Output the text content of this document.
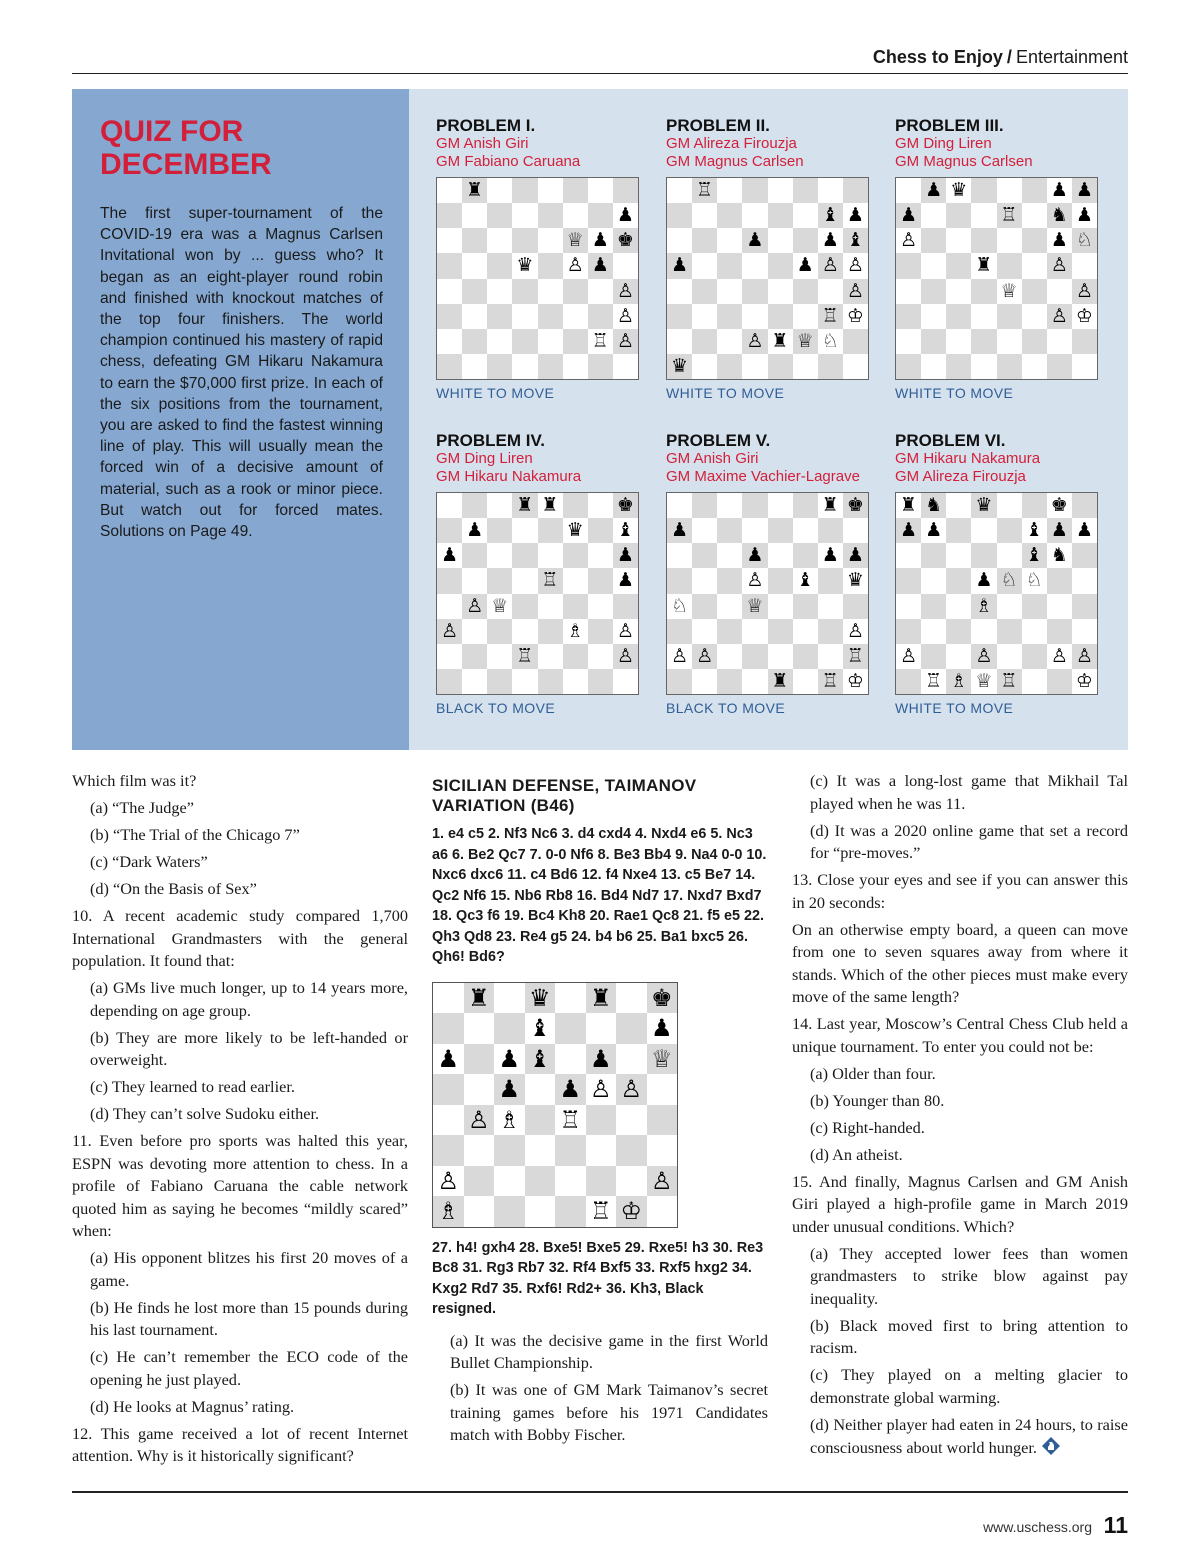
Chess to Enjoy / Entertainment
QUIZ FOR DECEMBER

The first super-tournament of the COVID-19 era was a Magnus Carlsen Invitational won by ... guess who? It began as an eight-player round robin and finished with knockout matches of the top four finishers. The world champion continued his mastery of rapid chess, defeating GM Hikaru Nakamura to earn the $70,000 first prize. In each of the six positions from the tournament, you are asked to find the fastest winning line of play. This will usually mean the forced win of a decisive amount of material, such as a rook or minor piece. But watch out for forced mates. Solutions on Page 49.

PROBLEM I.
GM Anish Giri
GM Fabiano Caruana
♜
♟
♕ ♟ ♚
♛ ♙ ♟
♙
♙
♖ ♙
WHITE TO MOVE
PROBLEM II.
GM Alireza Firouzja
GM Magnus Carlsen
♖
♝ ♟
♟	♟ ♝
♟	♟ ♙ ♙
♙
♖ ♔
♙ ♜ ♕ ♘
♛
WHITE TO MOVE
PROBLEM III.
GM Ding Liren
GM Magnus Carlsen
♟ ♛	♟ ♟
♟	♖ ♞ ♟
♙	♟ ♘
♜	♙
♕	♙
♙ ♔
WHITE TO MOVE
PROBLEM IV.
GM Ding Liren
GM Hikaru Nakamura
♜ ♜	♚
♟	♛ ♝
♟	♟
♖	♟
♙ ♕
♙	♗ ♙
♖	♙
BLACK TO MOVE
PROBLEM V.
GM Anish Giri
GM Maxime Vachier-Lagrave
♜ ♚
♟
♟	♟ ♟
♙ ♝ ♛
♘	♕
♙
♙ ♙	♖
♜ ♖ ♔
BLACK TO MOVE
PROBLEM VI.
GM Hikaru Nakamura
GM Alireza Firouzja
♜ ♞ ♛	♚
♟ ♟	♝ ♟ ♟
♝ ♞
♟ ♘ ♘
♗
♙	♙	♙ ♙
♖ ♗ ♕ ♖	♔
WHITE TO MOVE

Which film was it?

(a) “The Judge”

(b) “The Trial of the Chicago 7”

(c) “Dark Waters”

(d) “On the Basis of Sex”

10. A recent academic study compared 1,700 International Grandmasters with the general population. It found that:

(a) GMs live much longer, up to 14 years more, depending on age group.

(b) They are more likely to be left-handed or overweight.

(c) They learned to read earlier.

(d) They can’t solve Sudoku either.

11. Even before pro sports was halted this year, ESPN was devoting more attention to chess. In a profile of Fabiano Caruana the cable network quoted him as saying he becomes “mildly scared” when:

(a) His opponent blitzes his first 20 moves of a game.

(b) He finds he lost more than 15 pounds during his last tournament.

(c) He can’t remember the ECO code of the opening he just played.

(d) He looks at Magnus’ rating.

12. This game received a lot of recent Internet attention. Why is it historically significant?

SICILIAN DEFENSE, TAIMANOV VARIATION (B46)
1. e4 c5 2. Nf3 Nc6 3. d4 cxd4 4. Nxd4 e6 5. Nc3 a6 6. Be2 Qc7 7. 0-0 Nf6 8. Be3 Bb4 9. Na4 0-0 10. Nxc6 dxc6 11. c4 Bd6 12. f4 Nxe4 13. c5 Be7 14. Qc2 Nf6 15. Nb6 Rb8 16. Bd4 Nd7 17. Nxd7 Bxd7 18. Qc3 f6 19. Bc4 Kh8 20. Rae1 Qc8 21. f5 e5 22. Qh3 Qd8 23. Re4 g5 24. b4 b6 25. Ba1 bxc5 26. Qh6! Bd6?
♜ ♛ ♜ ♚
♝	♟
♟ ♟ ♝ ♟ ♕
♟ ♟ ♙ ♙
♙ ♗ ♖
♙	♙
♗	♖ ♔
27. h4! gxh4 28. Bxe5! Bxe5 29. Rxe5! h3 30. Re3 Bc8 31. Rg3 Rb7 32. Rf4 Bxf5 33. Rxf5 hxg2 34. Kxg2 Rd7 35. Rxf6! Rd2+ 36. Kh3, Black resigned.

(a) It was the decisive game in the first World Bullet Championship.

(b) It was one of GM Mark Taimanov’s secret training games before his 1971 Candidates match with Bobby Fischer.

(c) It was a long-lost game that Mikhail Tal played when he was 11.

(d) It was a 2020 online game that set a record for “pre-moves.”

13. Close your eyes and see if you can answer this in 20 seconds:

On an otherwise empty board, a queen can move from one to seven squares away from where it stands. Which of the other pieces must make every move of the same length?

14. Last year, Moscow’s Central Chess Club held a unique tournament. To enter you could not be:

(a) Older than four.

(b) Younger than 80.

(c) Right-handed.

(d) An atheist.

15. And finally, Magnus Carlsen and GM Anish Giri played a high-profile game in March 2019 under unusual conditions. Which?

(a) They accepted lower fees than women grandmasters to strike blow against pay inequality.

(b) Black moved first to bring attention to racism.

(c) They played on a melting glacier to demonstrate global warming.

(d) Neither player had eaten in 24 hours, to raise consciousness about world hunger.

www.uschess.org 11
